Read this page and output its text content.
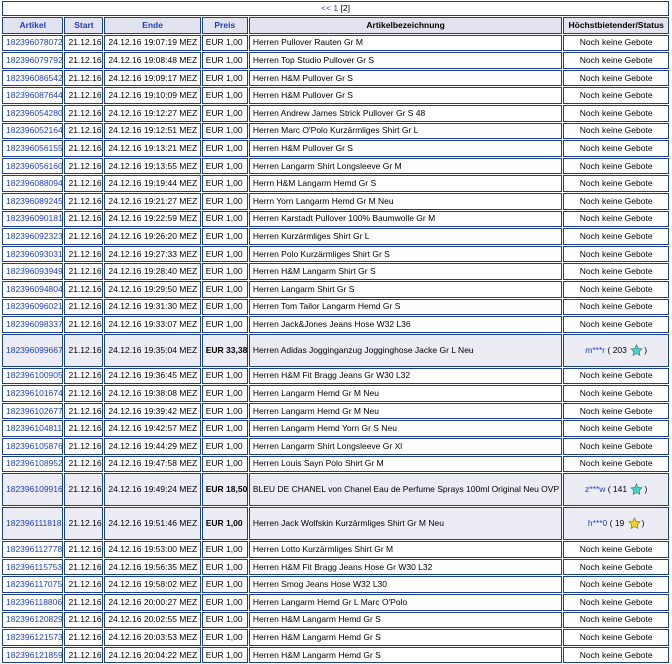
<< 1 [2]					
Artikel	Start	Ende	Preis	Artikelbezeichnung	Höchstbietender/Status
182396078072	21.12.16	24.12.16 19:07:19 MEZ	EUR 1,00	Herren Pullover Rauten Gr M	Noch keine Gebote
182396079792	21.12.16	24.12.16 19:08:48 MEZ	EUR 1,00	Herren Top Studio Pullover Gr S	Noch keine Gebote
182396086542	21.12.16	24.12.16 19:09:17 MEZ	EUR 1,00	Herren H&M Pullover Gr S	Noch keine Gebote
182396087644	21.12.16	24.12.16 19:10:09 MEZ	EUR 1,00	Herren H&M Pullover Gr S	Noch keine Gebote
182396054280	21.12.16	24.12.16 19:12:27 MEZ	EUR 1,00	Herren Andrew James Strick Pullover Gr S 48	Noch keine Gebote
182396052164	21.12.16	24.12.16 19:12:51 MEZ	EUR 1,00	Herren Marc O'Polo Kurzärmliges Shirt Gr L	Noch keine Gebote
182396056155	21.12.16	24.12.16 19:13:21 MEZ	EUR 1,00	Herren H&M Pullover Gr S	Noch keine Gebote
182396056160	21.12.16	24.12.16 19:13:55 MEZ	EUR 1,00	Herren Langarm Shirt Longsleeve Gr M	Noch keine Gebote
182396088094	21.12.16	24.12.16 19:19:44 MEZ	EUR 1,00	Herrn H&M Langarm Hemd Gr S	Noch keine Gebote
182396089245	21.12.16	24.12.16 19:21:27 MEZ	EUR 1,00	Herrn Yorn Langarm Hemd Gr M Neu	Noch keine Gebote
182396090181	21.12.16	24.12.16 19:22:59 MEZ	EUR 1,00	Herren Karstadt Pullover 100% Baumwolle Gr M	Noch keine Gebote
182396092323	21.12.16	24.12.16 19:26:20 MEZ	EUR 1,00	Herren Kurzärmliges Shirt Gr L	Noch keine Gebote
182396093031	21.12.16	24.12.16 19:27:33 MEZ	EUR 1,00	Herren Polo Kurzärmliges Shirt Gr S	Noch keine Gebote
182396093949	21.12.16	24.12.16 19:28:40 MEZ	EUR 1,00	Herren H&M Langarm Shirt Gr S	Noch keine Gebote
182396094804	21.12.16	24.12.16 19:29:50 MEZ	EUR 1,00	Herren Langarm Shirt Gr S	Noch keine Gebote
182396096021	21.12.16	24.12.16 19:31:30 MEZ	EUR 1,00	Herren Tom Tailor Langarm Hemd Gr S	Noch keine Gebote
182396098337	21.12.16	24.12.16 19:33:07 MEZ	EUR 1,00	Herren Jack&Jones Jeans Hose W32 L36	Noch keine Gebote
182396099667	21.12.16	24.12.16 19:35:04 MEZ	EUR 33,38	Herren Adidas Jogginganzug Jogginghose Jacke Gr L Neu	m***r ( 203 )
182396100905	21.12.16	24.12.16 19:36:45 MEZ	EUR 1,00	Herren H&M Fit Bragg Jeans Gr W30 L32	Noch keine Gebote
182396101674	21.12.16	24.12.16 19:38:08 MEZ	EUR 1,00	Herren Langarm Hemd Gr M Neu	Noch keine Gebote
182396102677	21.12.16	24.12.16 19:39:42 MEZ	EUR 1,00	Herren Langarm Hemd Gr M Neu	Noch keine Gebote
182396104811	21.12.16	24.12.16 19:42:57 MEZ	EUR 1,00	Herren Langarm Hemd Yorn Gr S Neu	Noch keine Gebote
182396105876	21.12.16	24.12.16 19:44:29 MEZ	EUR 1,00	Herren Langarm Shirt Longsleeve Gr Xl	Noch keine Gebote
182396108952	21.12.16	24.12.16 19:47:58 MEZ	EUR 1,00	Herren Louis Sayn Polo Shirt Gr M	Noch keine Gebote
182396109916	21.12.16	24.12.16 19:49:24 MEZ	EUR 18,50	BLEU DE CHANEL von Chanel Eau de Perfume Sprays 100ml Original Neu OVP	z***w ( 141 )
182396111818	21.12.16	24.12.16 19:51:46 MEZ	EUR 1,00	Herren Jack Wolfskin Kurzärmliges Shirt Gr M Neu	h***0 ( 19 )
182396112778	21.12.16	24.12.16 19:53:00 MEZ	EUR 1,00	Herren Lotto Kurzärmliges Shirt Gr M	Noch keine Gebote
182396115753	21.12.16	24.12.16 19:56:35 MEZ	EUR 1,00	Herren H&M Fit Bragg Jeans Hose Gr W30 L32	Noch keine Gebote
182396117075	21.12.16	24.12.16 19:58:02 MEZ	EUR 1,00	Herren Smog Jeans Hose W32 L30	Noch keine Gebote
182396118806	21.12.16	24.12.16 20:00:27 MEZ	EUR 1,00	Herren Langarm Hemd Gr L Marc O'Polo	Noch keine Gebote
182396120829	21.12.16	24.12.16 20:02:55 MEZ	EUR 1,00	Herren H&M Langarm Hemd Gr S	Noch keine Gebote
182396121573	21.12.16	24.12.16 20:03:53 MEZ	EUR 1,00	Herren H&M Langarm Hemd Gr S	Noch keine Gebote
182396121859	21.12.16	24.12.16 20:04:22 MEZ	EUR 1,00	Herren H&M Langarm Hemd Gr S	Noch keine Gebote
